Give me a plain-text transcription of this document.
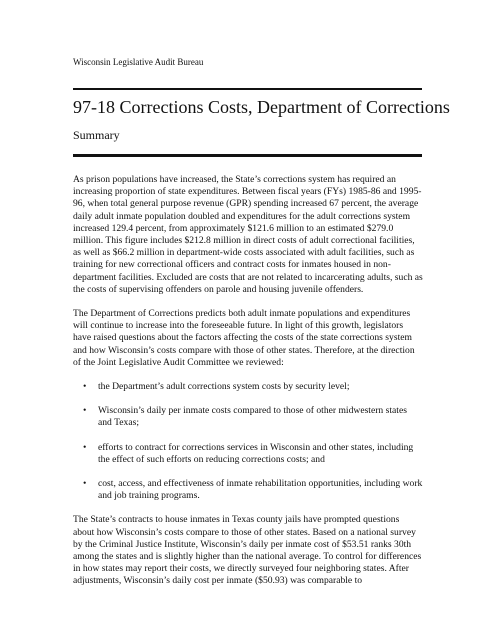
Wisconsin Legislative Audit Bureau
97-18 Corrections Costs, Department of Corrections
Summary

As prison populations have increased, the State’s corrections system has required an increasing proportion of state expenditures. Between fiscal years (FYs) 1985-86 and 1995-96, when total general purpose revenue (GPR) spending increased 67 percent, the average daily adult inmate population doubled and expenditures for the adult corrections system increased 129.4 percent, from approximately $121.6 million to an estimated $279.0 million. This figure includes $212.8 million in direct costs of adult correctional facilities, as well as $66.2 million in department-wide costs associated with adult facilities, such as training for new correctional officers and contract costs for inmates housed in non-department facilities. Excluded are costs that are not related to incarcerating adults, such as the costs of supervising offenders on parole and housing juvenile offenders.

The Department of Corrections predicts both adult inmate populations and expenditures will continue to increase into the foreseeable future. In light of this growth, legislators have raised questions about the factors affecting the costs of the state corrections system and how Wisconsin’s costs compare with those of other states. Therefore, at the direction of the Joint Legislative Audit Committee we reviewed:

• the Department’s adult corrections system costs by security level;
• Wisconsin’s daily per inmate costs compared to those of other midwestern states and Texas;
• efforts to contract for corrections services in Wisconsin and other states, including the effect of such efforts on reducing corrections costs; and
• cost, access, and effectiveness of inmate rehabilitation opportunities, including work and job training programs.

The State’s contracts to house inmates in Texas county jails have prompted questions about how Wisconsin’s costs compare to those of other states. Based on a national survey by the Criminal Justice Institute, Wisconsin’s daily per inmate cost of $53.51 ranks 30th among the states and is slightly higher than the national average. To control for differences in how states may report their costs, we directly surveyed four neighboring states. After adjustments, Wisconsin’s daily cost per inmate ($50.93) was comparable to
